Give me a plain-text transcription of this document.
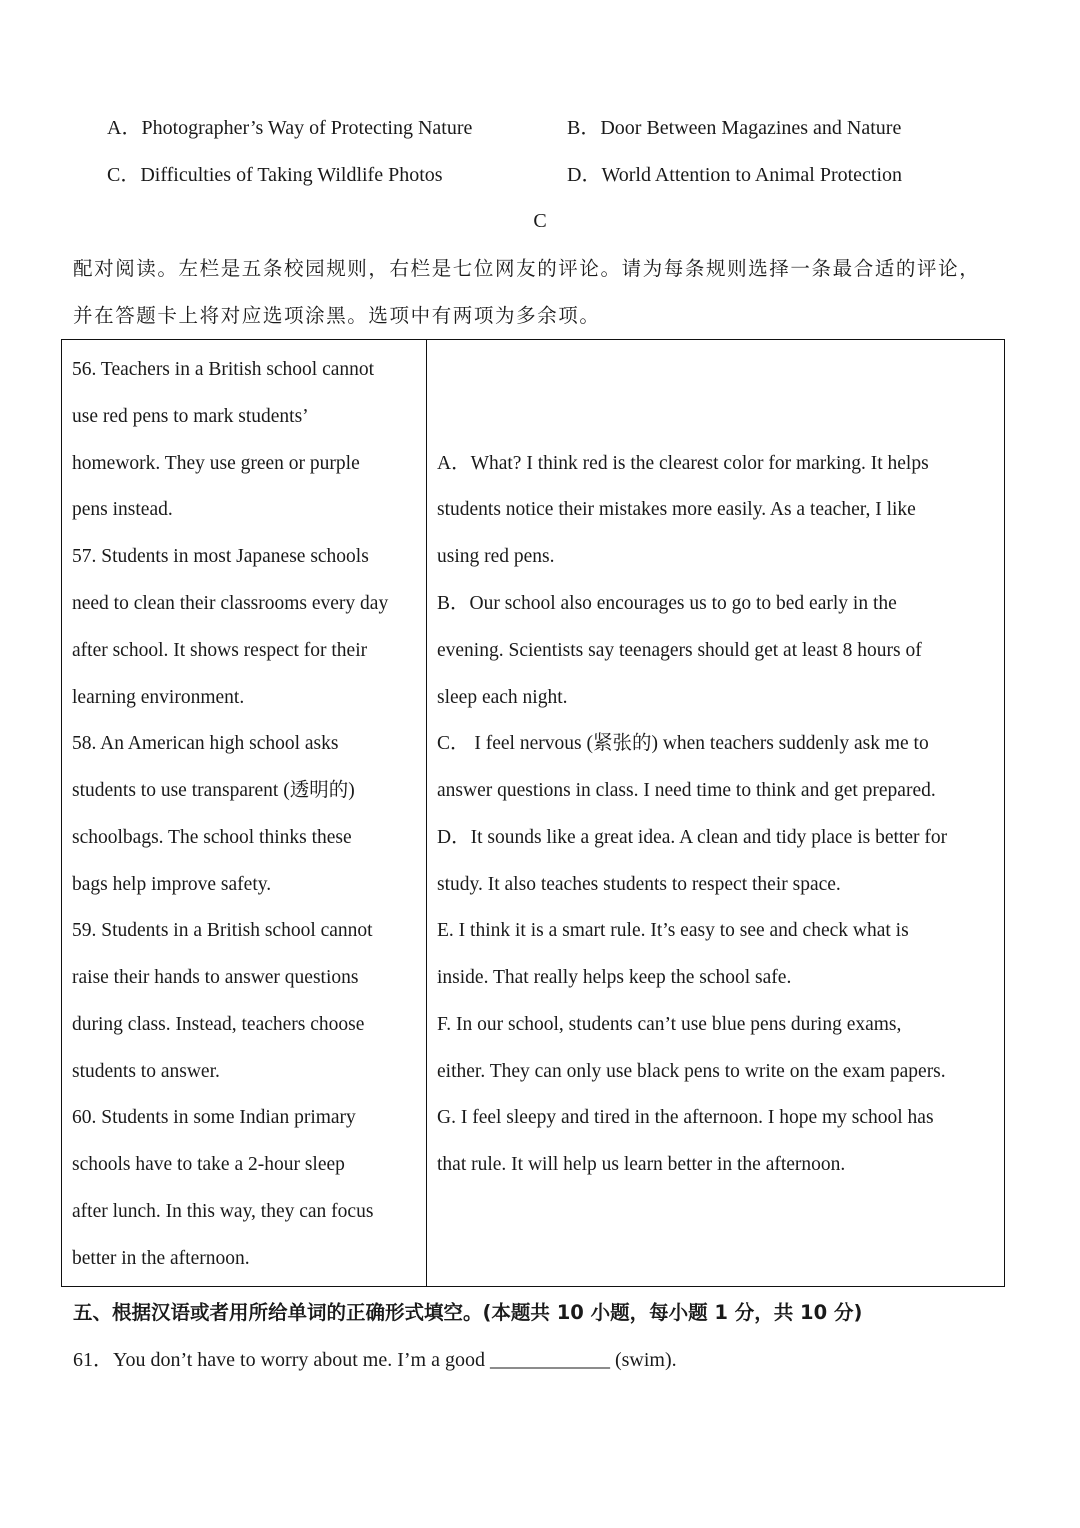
A．Photographer’s Way of Protecting Nature	B．Door Between Magazines and Nature
C．Difficulties of Taking Wildlife Photos	D．World Attention to Animal Protection
C
配对阅读。左栏是五条校园规则，右栏是七位网友的评论。请为每条规则选择一条最合适的评论，
并在答题卡上将对应选项涂黑。选项中有两项为多余项。
56. Teachers in a British school cannot
use red pens to mark students’
homework. They use green or purple
pens instead.
57. Students in most Japanese schools
need to clean their classrooms every day
after school. It shows respect for their
learning environment.
58. An American high school asks
students to use transparent (透明的)
schoolbags. The school thinks these
bags help improve safety.
59. Students in a British school cannot
raise their hands to answer questions
during class. Instead, teachers choose
students to answer.
60. Students in some Indian primary
schools have to take a 2-hour sleep
after lunch. In this way, they can focus
better in the afternoon.
A．What? I think red is the clearest color for marking. It helps
students notice their mistakes more easily. As a teacher, I like
using red pens.
B．Our school also encourages us to go to bed early in the
evening. Scientists say teenagers should get at least 8 hours of
sleep each night.
C． I feel nervous (紧张的) when teachers suddenly ask me to
answer questions in class. I need time to think and get prepared.
D．It sounds like a great idea. A clean and tidy place is better for
study. It also teaches students to respect their space.
E. I think it is a smart rule. It’s easy to see and check what is
inside. That really helps keep the school safe.
F. In our school, students can’t use blue pens during exams,
either. They can only use black pens to write on the exam papers.
G. I feel sleepy and tired in the afternoon. I hope my school has
that rule. It will help us learn better in the afternoon.
五、根据汉语或者用所给单词的正确形式填空。(本题共 10 小题，每小题 1 分，共 10 分)
61．You don’t have to worry about me. I’m a good ____________ (swim).
